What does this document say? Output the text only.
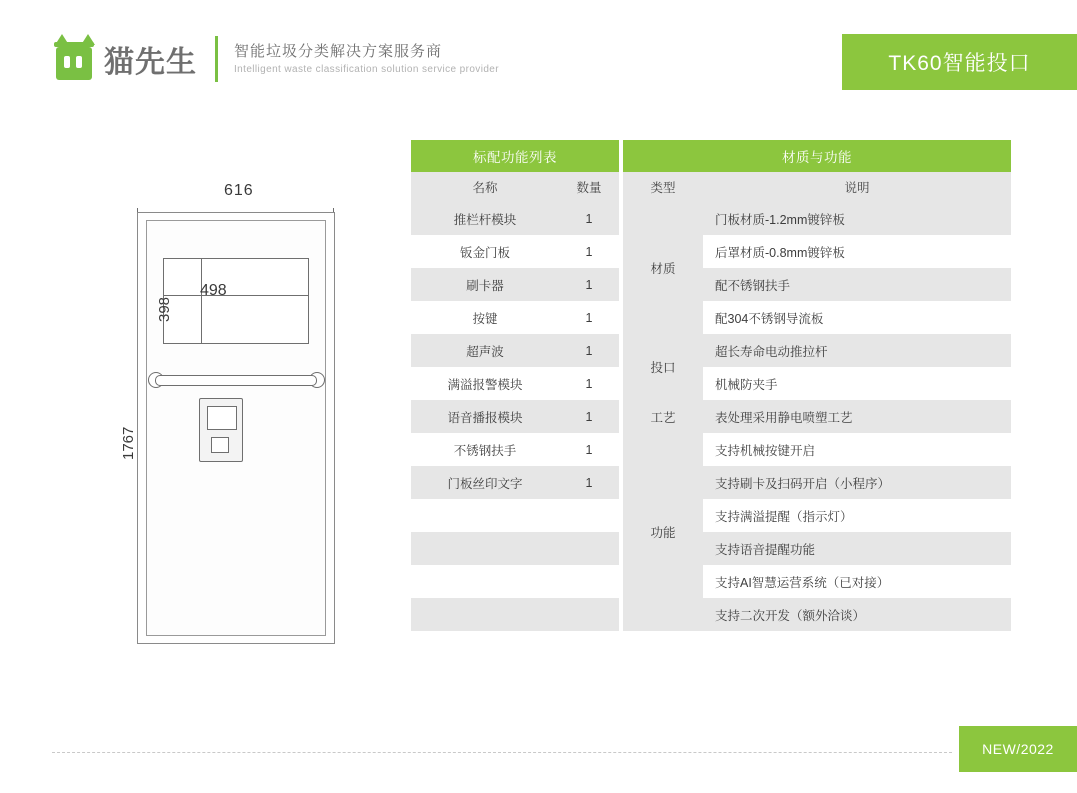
猫先生 智能垃圾分类解决方案服务商
Intelligent waste classification solution service provider	TK60智能投口
616
498
398
1767
标配功能列表			材质与功能	
名称	数量		类型	说明
推栏杆模块	1		材质	门板材质-1.2mm镀锌板
钣金门板	1			后罩材质-0.8mm镀锌板
刷卡器	1			配不锈钢扶手
按键	1			配304不锈钢导流板
超声波	1		投口	超长寿命电动推拉杆
满溢报警模块	1			机械防夹手
语音播报模块	1		工艺	表处理采用静电喷塑工艺
不锈钢扶手	1		功能	支持机械按键开启
门板丝印文字	1			支持刷卡及扫码开启（小程序）
				支持满溢提醒（指示灯）
				支持语音提醒功能
				支持AI智慧运营系统（已对接）
				支持二次开发（额外洽谈）
NEW/2022
